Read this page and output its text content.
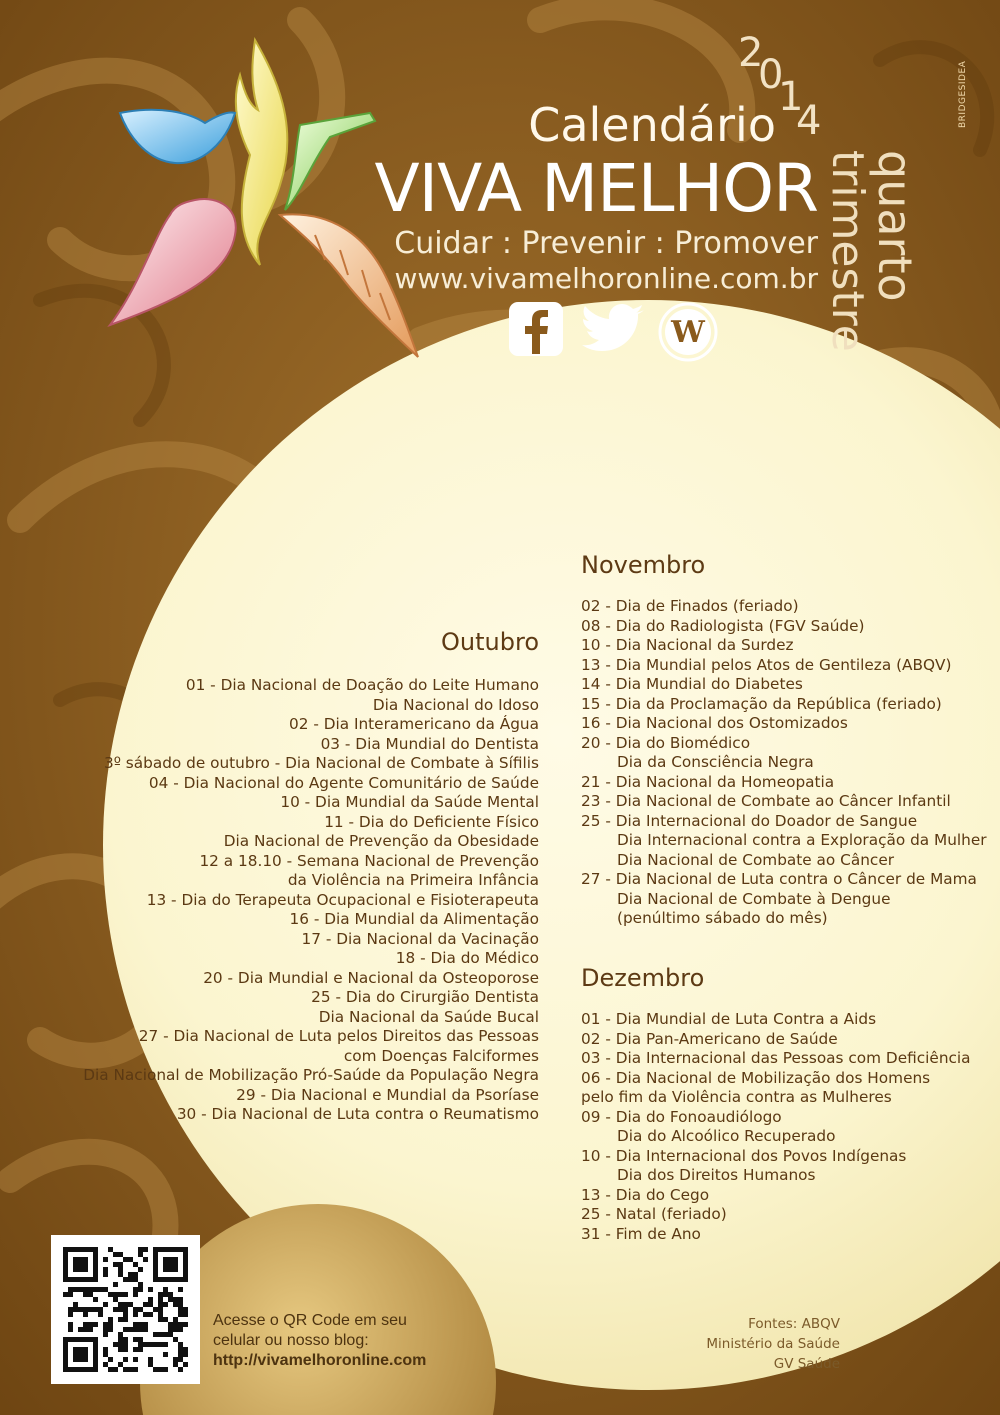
BRIDGESIDEA
2
0
1
4
Calendário
VIVA MELHOR
Cuidar : Prevenir : Promover
www.vivamelhoronline.com.br quarto
trimestre
W
Outubro
01 - Dia Nacional de Doação do Leite Humano
Dia Nacional do Idoso
02 - Dia Interamericano da Água
03 - Dia Mundial do Dentista
3º sábado de outubro - Dia Nacional de Combate à Sífilis
04 - Dia Nacional do Agente Comunitário de Saúde
10 - Dia Mundial da Saúde Mental
11 - Dia do Deficiente Físico
Dia Nacional de Prevenção da Obesidade
12 a 18.10 - Semana Nacional de Prevenção
da Violência na Primeira Infância
13 - Dia do Terapeuta Ocupacional e Fisioterapeuta
16 - Dia Mundial da Alimentação
17 - Dia Nacional da Vacinação
18 - Dia do Médico
20 - Dia Mundial e Nacional da Osteoporose
25 - Dia do Cirurgião Dentista
Dia Nacional da Saúde Bucal
27 - Dia Nacional de Luta pelos Direitos das Pessoas
com Doenças Falciformes
Dia Nacional de Mobilização Pró-Saúde da População Negra
29 - Dia Nacional e Mundial da Psoríase
30 - Dia Nacional de Luta contra o Reumatismo
Novembro
02 - Dia de Finados (feriado)
08 - Dia do Radiologista (FGV Saúde)
10 - Dia Nacional da Surdez
13 - Dia Mundial pelos Atos de Gentileza (ABQV)
14 - Dia Mundial do Diabetes
15 - Dia da Proclamação da República (feriado)
16 - Dia Nacional dos Ostomizados
20 - Dia do Biomédico
Dia da Consciência Negra
21 - Dia Nacional da Homeopatia
23 - Dia Nacional de Combate ao Câncer Infantil
25 - Dia Internacional do Doador de Sangue
Dia Internacional contra a Exploração da Mulher
Dia Nacional de Combate ao Câncer
27 - Dia Nacional de Luta contra o Câncer de Mama
Dia Nacional de Combate à Dengue
(penúltimo sábado do mês)
Dezembro
01 - Dia Mundial de Luta Contra a Aids
02 - Dia Pan-Americano de Saúde
03 - Dia Internacional das Pessoas com Deficiência
06 - Dia Nacional de Mobilização dos Homens
pelo fim da Violência contra as Mulheres
09 - Dia do Fonoaudiólogo
Dia do Alcoólico Recuperado
10 - Dia Internacional dos Povos Indígenas
Dia dos Direitos Humanos
13 - Dia do Cego
25 - Natal (feriado)
31 - Fim de Ano
Acesse o QR Code em seu
celular ou nosso blog:
http://vivamelhoronline.com
Fontes: ABQV
Ministério da Saúde
GV Saúde
